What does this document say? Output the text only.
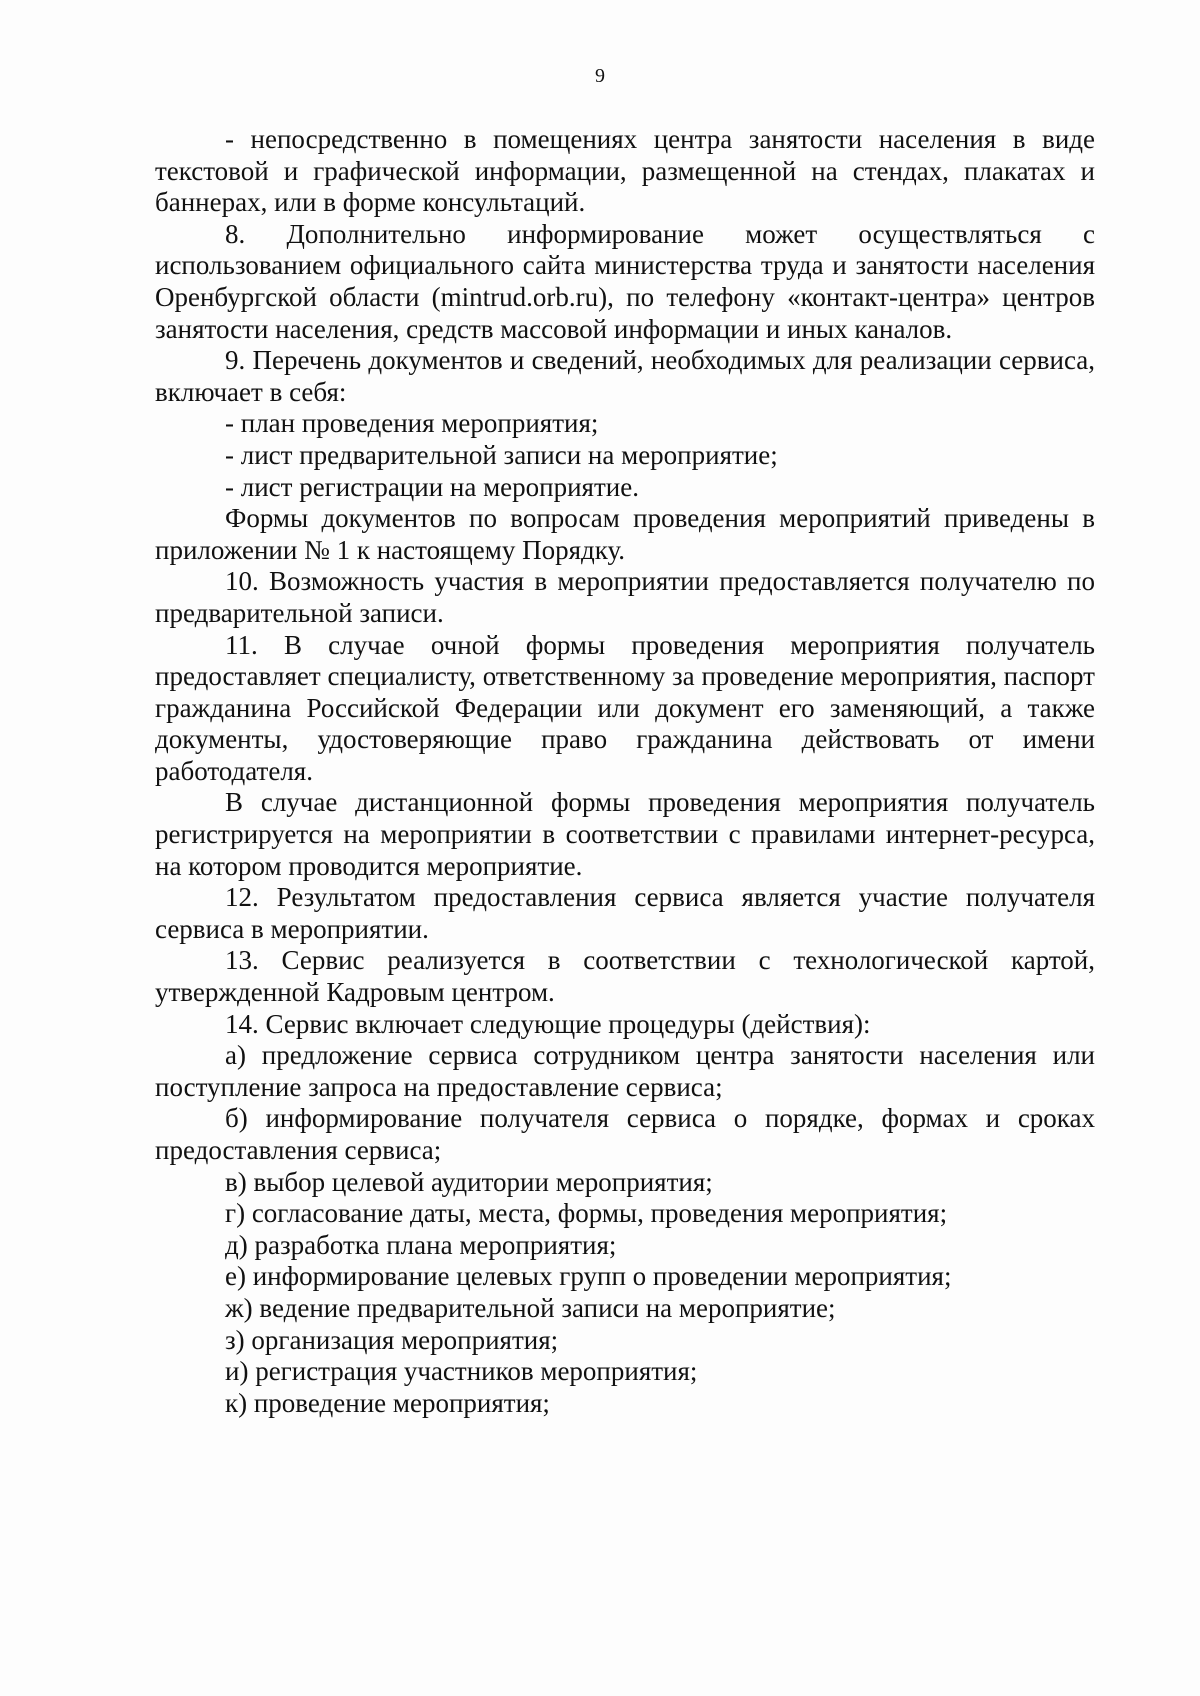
9

- непосредственно в помещениях центра занятости населения в виде текстовой и графической информации, размещенной на стендах, плакатах и баннерах, или в форме консультаций.

8. Дополнительно информирование может осуществляться с использованием официального сайта министерства труда и занятости населения Оренбургской области (mintrud.orb.ru), по телефону «контакт-центра» центров занятости населения, средств массовой информации и иных каналов.

9. Перечень документов и сведений, необходимых для реализации сервиса, включает в себя:

- план проведения мероприятия;

- лист предварительной записи на мероприятие;

- лист регистрации на мероприятие.

Формы документов по вопросам проведения мероприятий приведены в приложении № 1 к настоящему Порядку.

10. Возможность участия в мероприятии предоставляется получателю по предварительной записи.

11. В случае очной формы проведения мероприятия получатель предоставляет специалисту, ответственному за проведение мероприятия, паспорт гражданина Российской Федерации или документ его заменяющий, а также документы, удостоверяющие право гражданина действовать от имени работодателя.

В случае дистанционной формы проведения мероприятия получатель регистрируется на мероприятии в соответствии с правилами интернет-ресурса, на котором проводится мероприятие.

12. Результатом предоставления сервиса является участие получателя сервиса в мероприятии.

13. Сервис реализуется в соответствии с технологической картой, утвержденной Кадровым центром.

14. Сервис включает следующие процедуры (действия):

а) предложение сервиса сотрудником центра занятости населения или поступление запроса на предоставление сервиса;

б) информирование получателя сервиса о порядке, формах и сроках предоставления сервиса;

в) выбор целевой аудитории мероприятия;

г) согласование даты, места, формы, проведения мероприятия;

д) разработка плана мероприятия;

е) информирование целевых групп о проведении мероприятия;

ж) ведение предварительной записи на мероприятие;

з) организация мероприятия;

и) регистрация участников мероприятия;

к) проведение мероприятия;
